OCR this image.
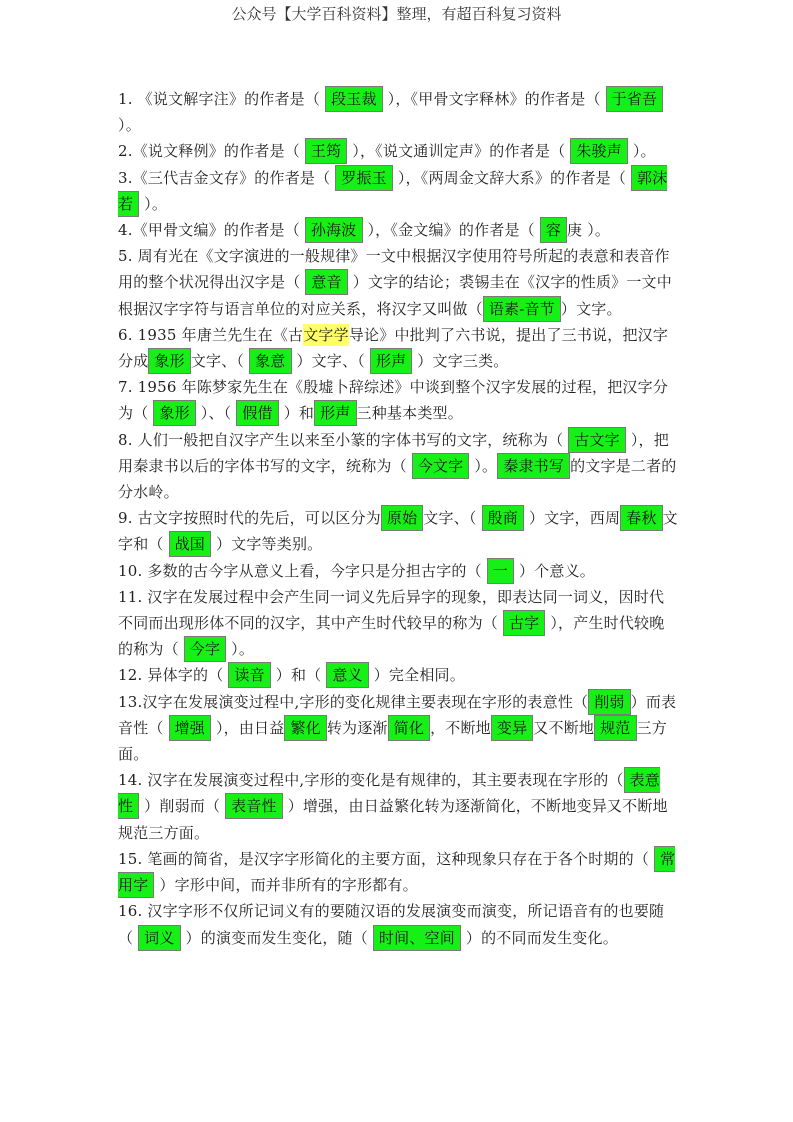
公众号【大学百科资料】整理，有超百科复习资料

1. 《说文解字注》的作者是（ 段玉裁 ），《甲骨文字释林》的作者是（ 于省吾 ）。

2.《说文释例》的作者是（ 王筠 ），《说文通训定声》的作者是（ 朱骏声 ）。

3.《三代吉金文存》的作者是（ 罗振玉 ），《两周金文辞大系》的作者是（ 郭沫若 ）。

4.《甲骨文编》的作者是（ 孙海波 ），《金文编》的作者是（ 容 庚 ）。

5. 周有光在《文字演进的一般规律》一文中根据汉字使用符号所起的表意和表音作用的整个状况得出汉字是（ 意音 ）文字的结论；裘锡圭在《汉字的性质》一文中根据汉字字符与语言单位的对应关系，将汉字又叫做（ 语素-音节 ）文字。

6. 1935 年唐兰先生在《古文字学导论》中批判了六书说，提出了三书说，把汉字分成 象形 文字、（ 象意 ）文字、（ 形声 ）文字三类。

7. 1956 年陈梦家先生在《殷墟卜辞综述》中谈到整个汉字发展的过程，把汉字分为（ 象形 ）、（ 假借 ）和 形声 三种基本类型。

8. 人们一般把自汉字产生以来至小篆的字体书写的文字，统称为（ 古文字 ），把用秦隶书以后的字体书写的文字，统称为（ 今文字 ）。 秦隶书写 的文字是二者的分水岭。

9. 古文字按照时代的先后，可以区分为 原始 文字、（ 殷商 ）文字，西周 春秋 文字和（ 战国 ）文字等类别。

10. 多数的古今字从意义上看，今字只是分担古字的（ 一 ）个意义。

11. 汉字在发展过程中会产生同一词义先后异字的现象，即表达同一词义，因时代不同而出现形体不同的汉字，其中产生时代较早的称为（ 古字 ），产生时代较晚的称为（ 今字 ）。

12. 异体字的（ 读音 ）和（ 意义 ）完全相同。

13.汉字在发展演变过程中,字形的变化规律主要表现在字形的表意性（ 削弱 ）而表音性（ 增强 ），由日益 繁化 转为逐渐 简化 ，不断地 变异 又不断地 规范 三方面。

14. 汉字在发展演变过程中,字形的变化是有规律的，其主要表现在字形的（ 表意性 ）削弱而（ 表音性 ）增强，由日益繁化转为逐渐简化，不断地变异又不断地规范三方面。

15. 笔画的简省，是汉字字形简化的主要方面，这种现象只存在于各个时期的（ 常用字 ）字形中间，而并非所有的字形都有。

16. 汉字字形不仅所记词义有的要随汉语的发展演变而演变，所记语音有的也要随（ 词义 ）的演变而发生变化，随（ 时间、空间 ）的不同而发生变化。
